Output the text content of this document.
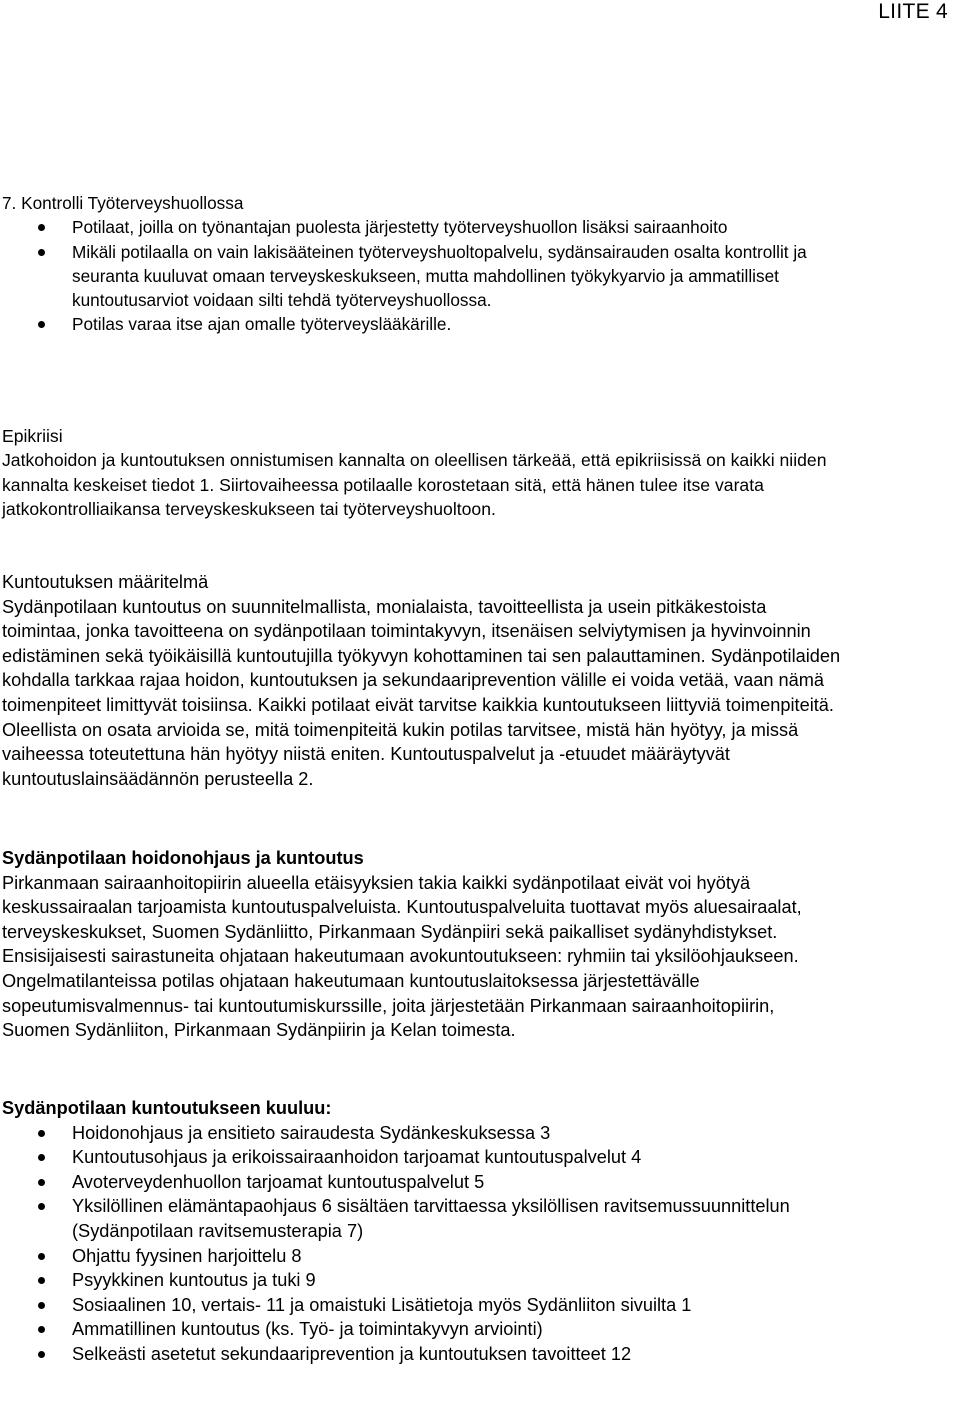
LIITE 4
7. Kontrolli Työterveyshuollossa
Potilaat, joilla on työnantajan puolesta järjestetty työterveyshuollon lisäksi sairaanhoito
Mikäli potilaalla on vain lakisääteinen työterveyshuoltopalvelu, sydänsairauden osalta kontrollit ja seuranta kuuluvat omaan terveyskeskukseen, mutta mahdollinen työkykyarvio ja ammatilliset kuntoutusarviot voidaan silti tehdä työterveyshuollossa.
Potilas varaa itse ajan omalle työterveyslääkärille.
Epikriisi
Jatkohoidon ja kuntoutuksen onnistumisen kannalta on oleellisen tärkeää, että epikriisissä on kaikki niiden kannalta keskeiset tiedot 1. Siirtovaiheessa potilaalle korostetaan sitä, että hänen tulee itse varata jatkokontrolliaikansa terveyskeskukseen tai työterveyshuoltoon.
Kuntoutuksen määritelmä
Sydänpotilaan kuntoutus on suunnitelmallista, monialaista, tavoitteellista ja usein pitkäkestoista toimintaa, jonka tavoitteena on sydänpotilaan toimintakyvyn, itsenäisen selviytymisen ja hyvinvoinnin edistäminen sekä työikäisillä kuntoutujilla työkyvyn kohottaminen tai sen palauttaminen. Sydänpotilaiden kohdalla tarkkaa rajaa hoidon, kuntoutuksen ja sekundaariprevention välille ei voida vetää, vaan nämä toimenpiteet limittyvät toisiinsa. Kaikki potilaat eivät tarvitse kaikkia kuntoutukseen liittyviä toimenpiteitä. Oleellista on osata arvioida se, mitä toimenpiteitä kukin potilas tarvitsee, mistä hän hyötyy, ja missä vaiheessa toteutettuna hän hyötyy niistä eniten. Kuntoutuspalvelut ja -etuudet määräytyvät kuntoutuslainsäädännön perusteella 2.
Sydänpotilaan hoidonohjaus ja kuntoutus
Pirkanmaan sairaanhoitopiirin alueella etäisyyksien takia kaikki sydänpotilaat eivät voi hyötyä keskussairaalan tarjoamista kuntoutuspalveluista. Kuntoutuspalveluita tuottavat myös aluesairaalat, terveyskeskukset, Suomen Sydänliitto, Pirkanmaan Sydänpiiri sekä paikalliset sydänyhdistykset. Ensisijaisesti sairastuneita ohjataan hakeutumaan avokuntoutukseen: ryhmiin tai yksilöohjaukseen. Ongelmatilanteissa potilas ohjataan hakeutumaan kuntoutuslaitoksessa järjestettävälle sopeutumisvalmennus- tai kuntoutumiskurssille, joita järjestetään Pirkanmaan sairaanhoitopiirin, Suomen Sydänliiton, Pirkanmaan Sydänpiirin ja Kelan toimesta.
Sydänpotilaan kuntoutukseen kuuluu:
Hoidonohjaus ja ensitieto sairaudesta Sydänkeskuksessa 3
Kuntoutusohjaus ja erikoissairaanhoidon tarjoamat kuntoutuspalvelut 4
Avoterveydenhuollon tarjoamat kuntoutuspalvelut 5
Yksilöllinen elämäntapaohjaus 6 sisältäen tarvittaessa yksilöllisen ravitsemussuunnittelun (Sydänpotilaan ravitsemusterapia 7)
Ohjattu fyysinen harjoittelu 8
Psyykkinen kuntoutus ja tuki 9
Sosiaalinen 10, vertais- 11 ja omaistuki Lisätietoja myös Sydänliiton sivuilta 1
Ammatillinen kuntoutus (ks. Työ- ja toimintakyvyn arviointi)
Selkeästi asetetut sekundaariprevention ja kuntoutuksen tavoitteet 12
